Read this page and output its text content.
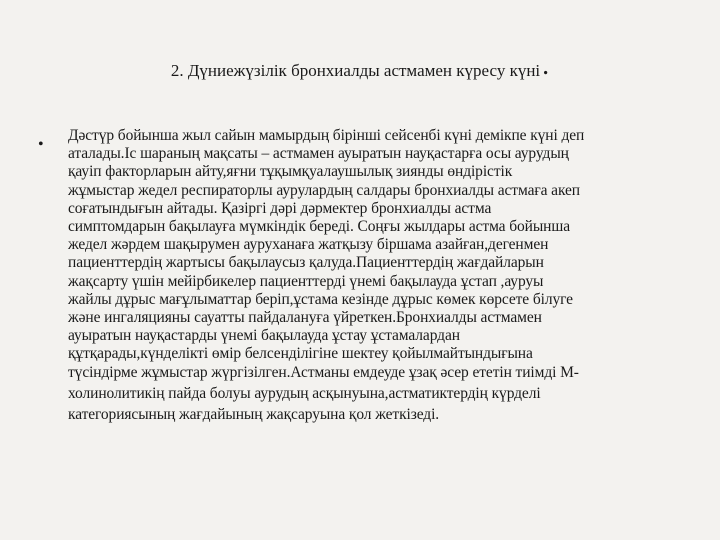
2. Дүниежүзілік бронхиалды астмамен күресу күні.
•
Дәстүр бойынша жыл сайын мамырдың бірінші сейсенбі күні демікпе күні деп
аталады.Іс шараның мақсаты – астмамен ауыратын науқастарға осы аурудың
қауіп факторларын айту,яғни тұқымқуалаушылық зиянды өндірістік
жұмыстар жедел респираторлы аурулардың салдары бронхиалды астмаға акеп
соғатындығын айтады. Қазіргі дәрі дәрмектер бронхиалды астма
симптомдарын бақылауға мүмкіндік береді. Соңғы жылдары астма бойынша
жедел жәрдем шақырумен ауруханаға жатқызу біршама азайған,дегенмен
пациенттердің жартысы бақылаусыз қалуда.Пациенттердің жағдайларын
жақсарту үшін мейірбикелер пациенттерді үнемі бақылауда ұстап ,ауруы
жайлы дұрыс мағұлыматтар беріп,ұстама кезінде дұрыс көмек көрсете білуге
және ингаляцияны сауатты пайдалануға үйреткен.Бронхиалды астмамен
ауыратын науқастарды үнемі бақылауда ұстау ұстамалардан
құтқарады,күнделікті өмір белсенділігіне шектеу қойылмайтындығына
түсіндірме жұмыстар жүргізілген.Астманы емдеуде ұзақ әсер ететін тиімді М-
холинолитикің пайда болуы аурудың асқынуына,астматиктердің күрделі
категориясының жағдайының жақсаруына қол жеткізеді.
